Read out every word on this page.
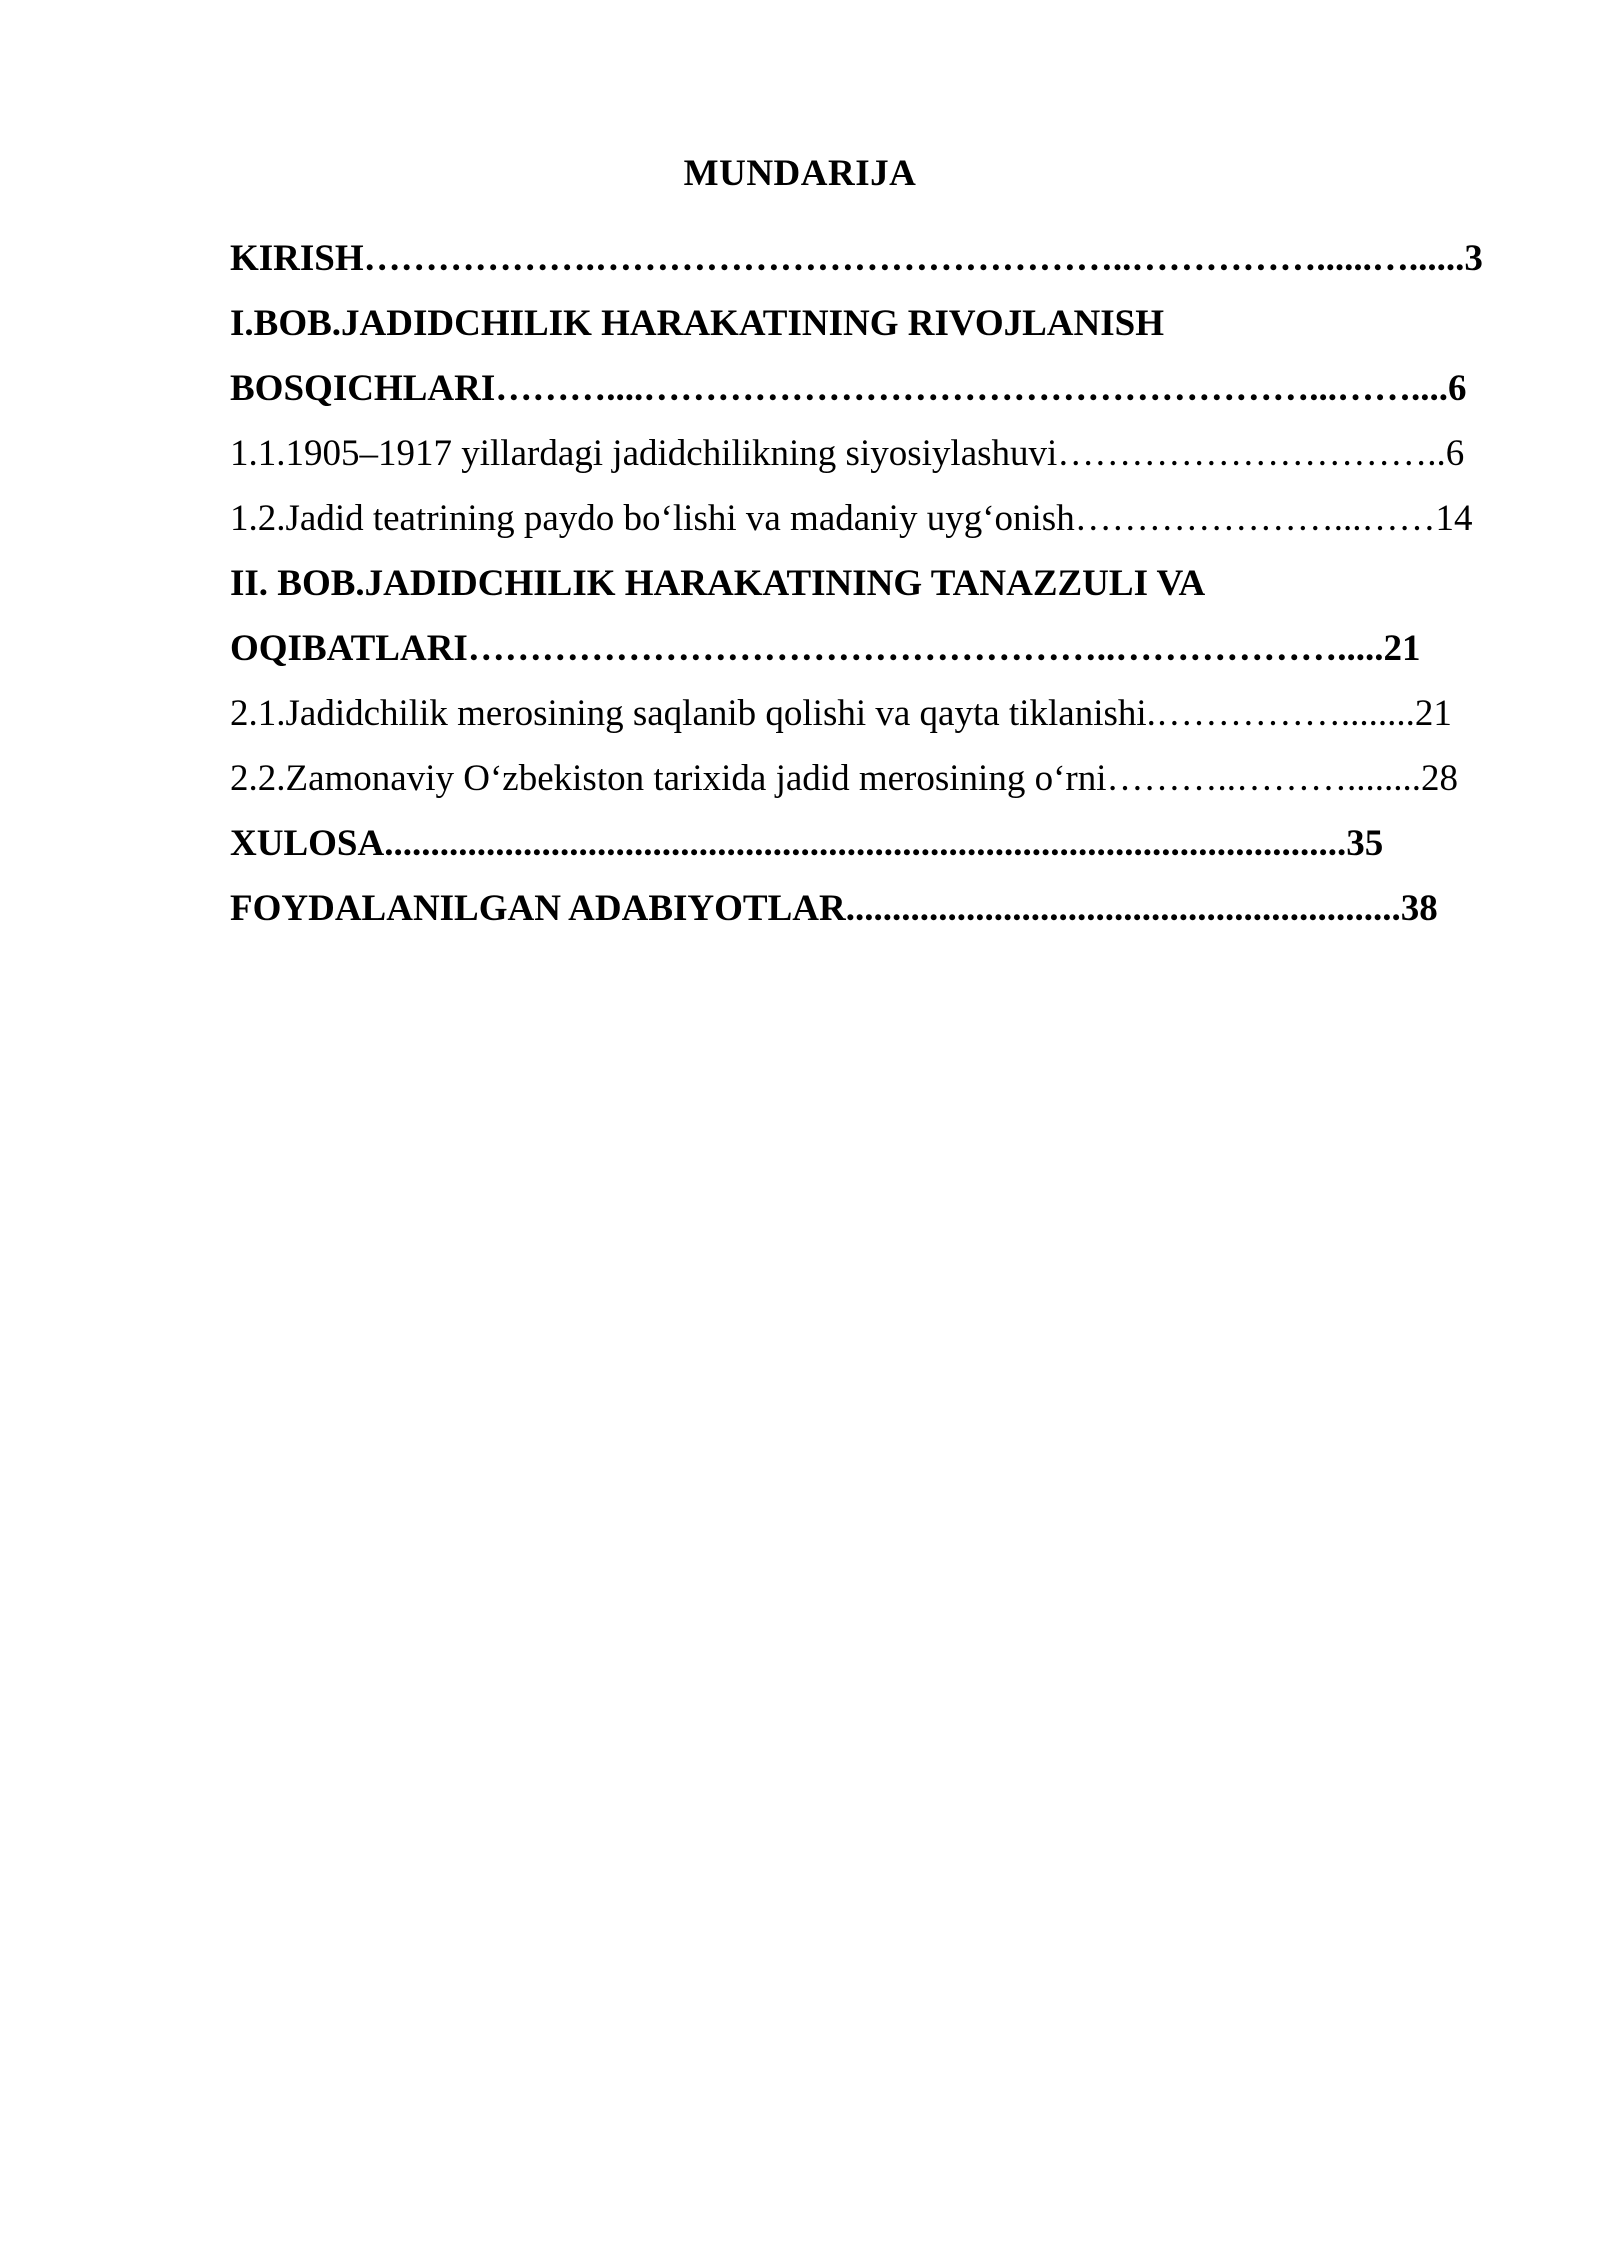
MUNDARIJA
KIRISH……………….……………………………………..……………......…......3
I.BOB.JADIDCHILIK HARAKATINING RIVOJLANISH
BOSQICHLARI………....………………………………………………...……....6
1.1.1905–1917 yillardagi jadidchilikning siyosiylashuvi…………………………..6
1.2.Jadid teatrining paydo boʻlishi va madaniy uygʻonish…………………...……14
II. BOB.JADIDCHILIK HARAKATINING TANAZZULI VA
OQIBATLARI……………………………………………..……………….....21
2.1.Jadidchilik merosining saqlanib qolishi va qayta tiklanishi.……………........21
2.2.Zamonaviy Oʻzbekiston tarixida jadid merosining oʻrni………..………........28
XULOSA........................................................................................................35
FOYDALANILGAN ADABIYOTLAR............................................................38
